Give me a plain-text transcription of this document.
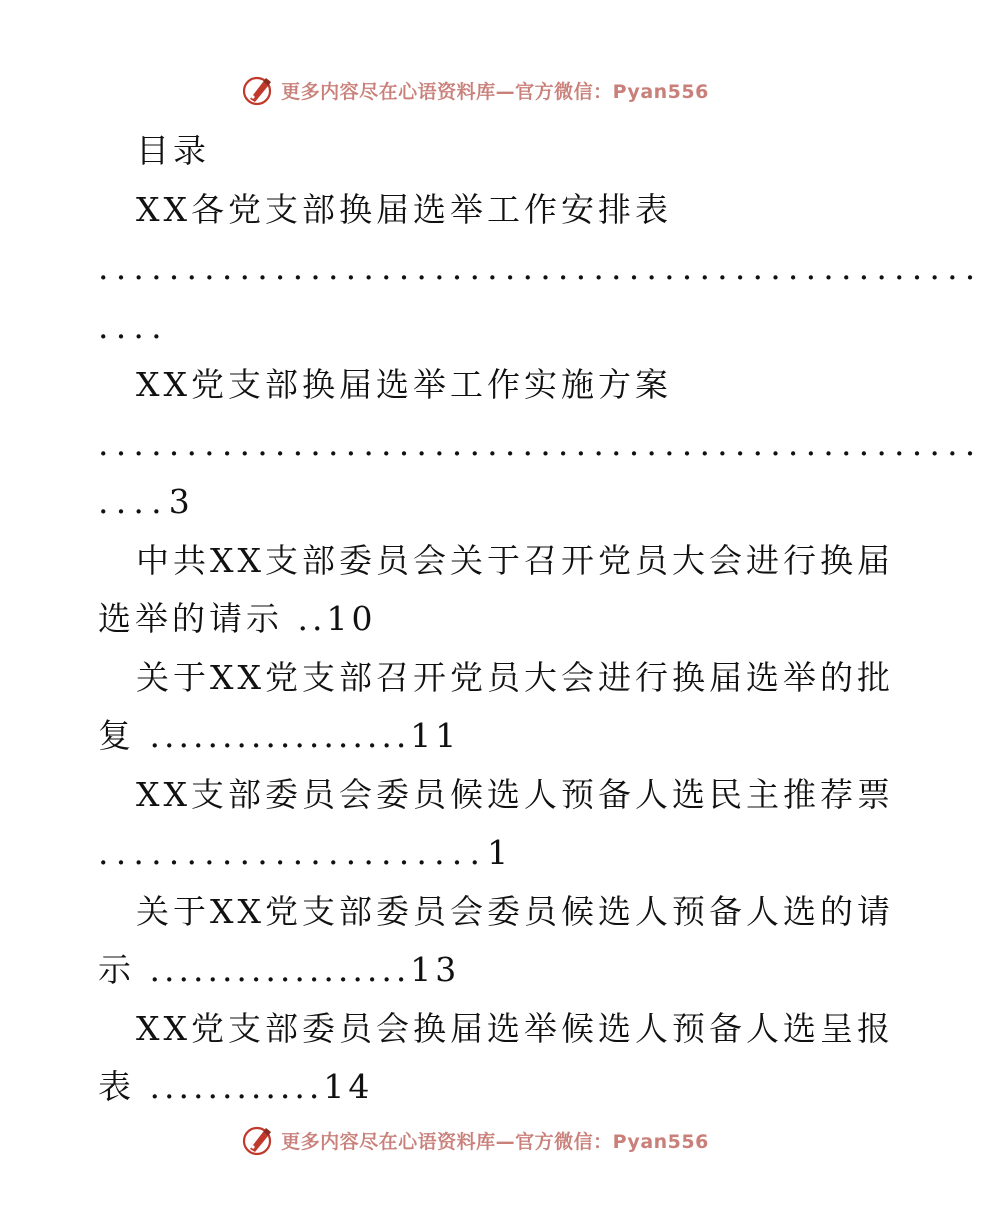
更多内容尽在心语资料库—官方微信：Pyan556
目录
XX各党支部换届选举工作安排表
..................................................
....
XX党支部换届选举工作实施方案
..................................................
....3
中共XX支部委员会关于召开党员大会进行换届
选举的请示 ..10
关于XX党支部召开党员大会进行换届选举的批
复 ..................11
XX支部委员会委员候选人预备人选民主推荐票
......................1
关于XX党支部委员会委员候选人预备人选的请
示 ..................13
XX党支部委员会换届选举候选人预备人选呈报
表 ............14
更多内容尽在心语资料库—官方微信：Pyan556
